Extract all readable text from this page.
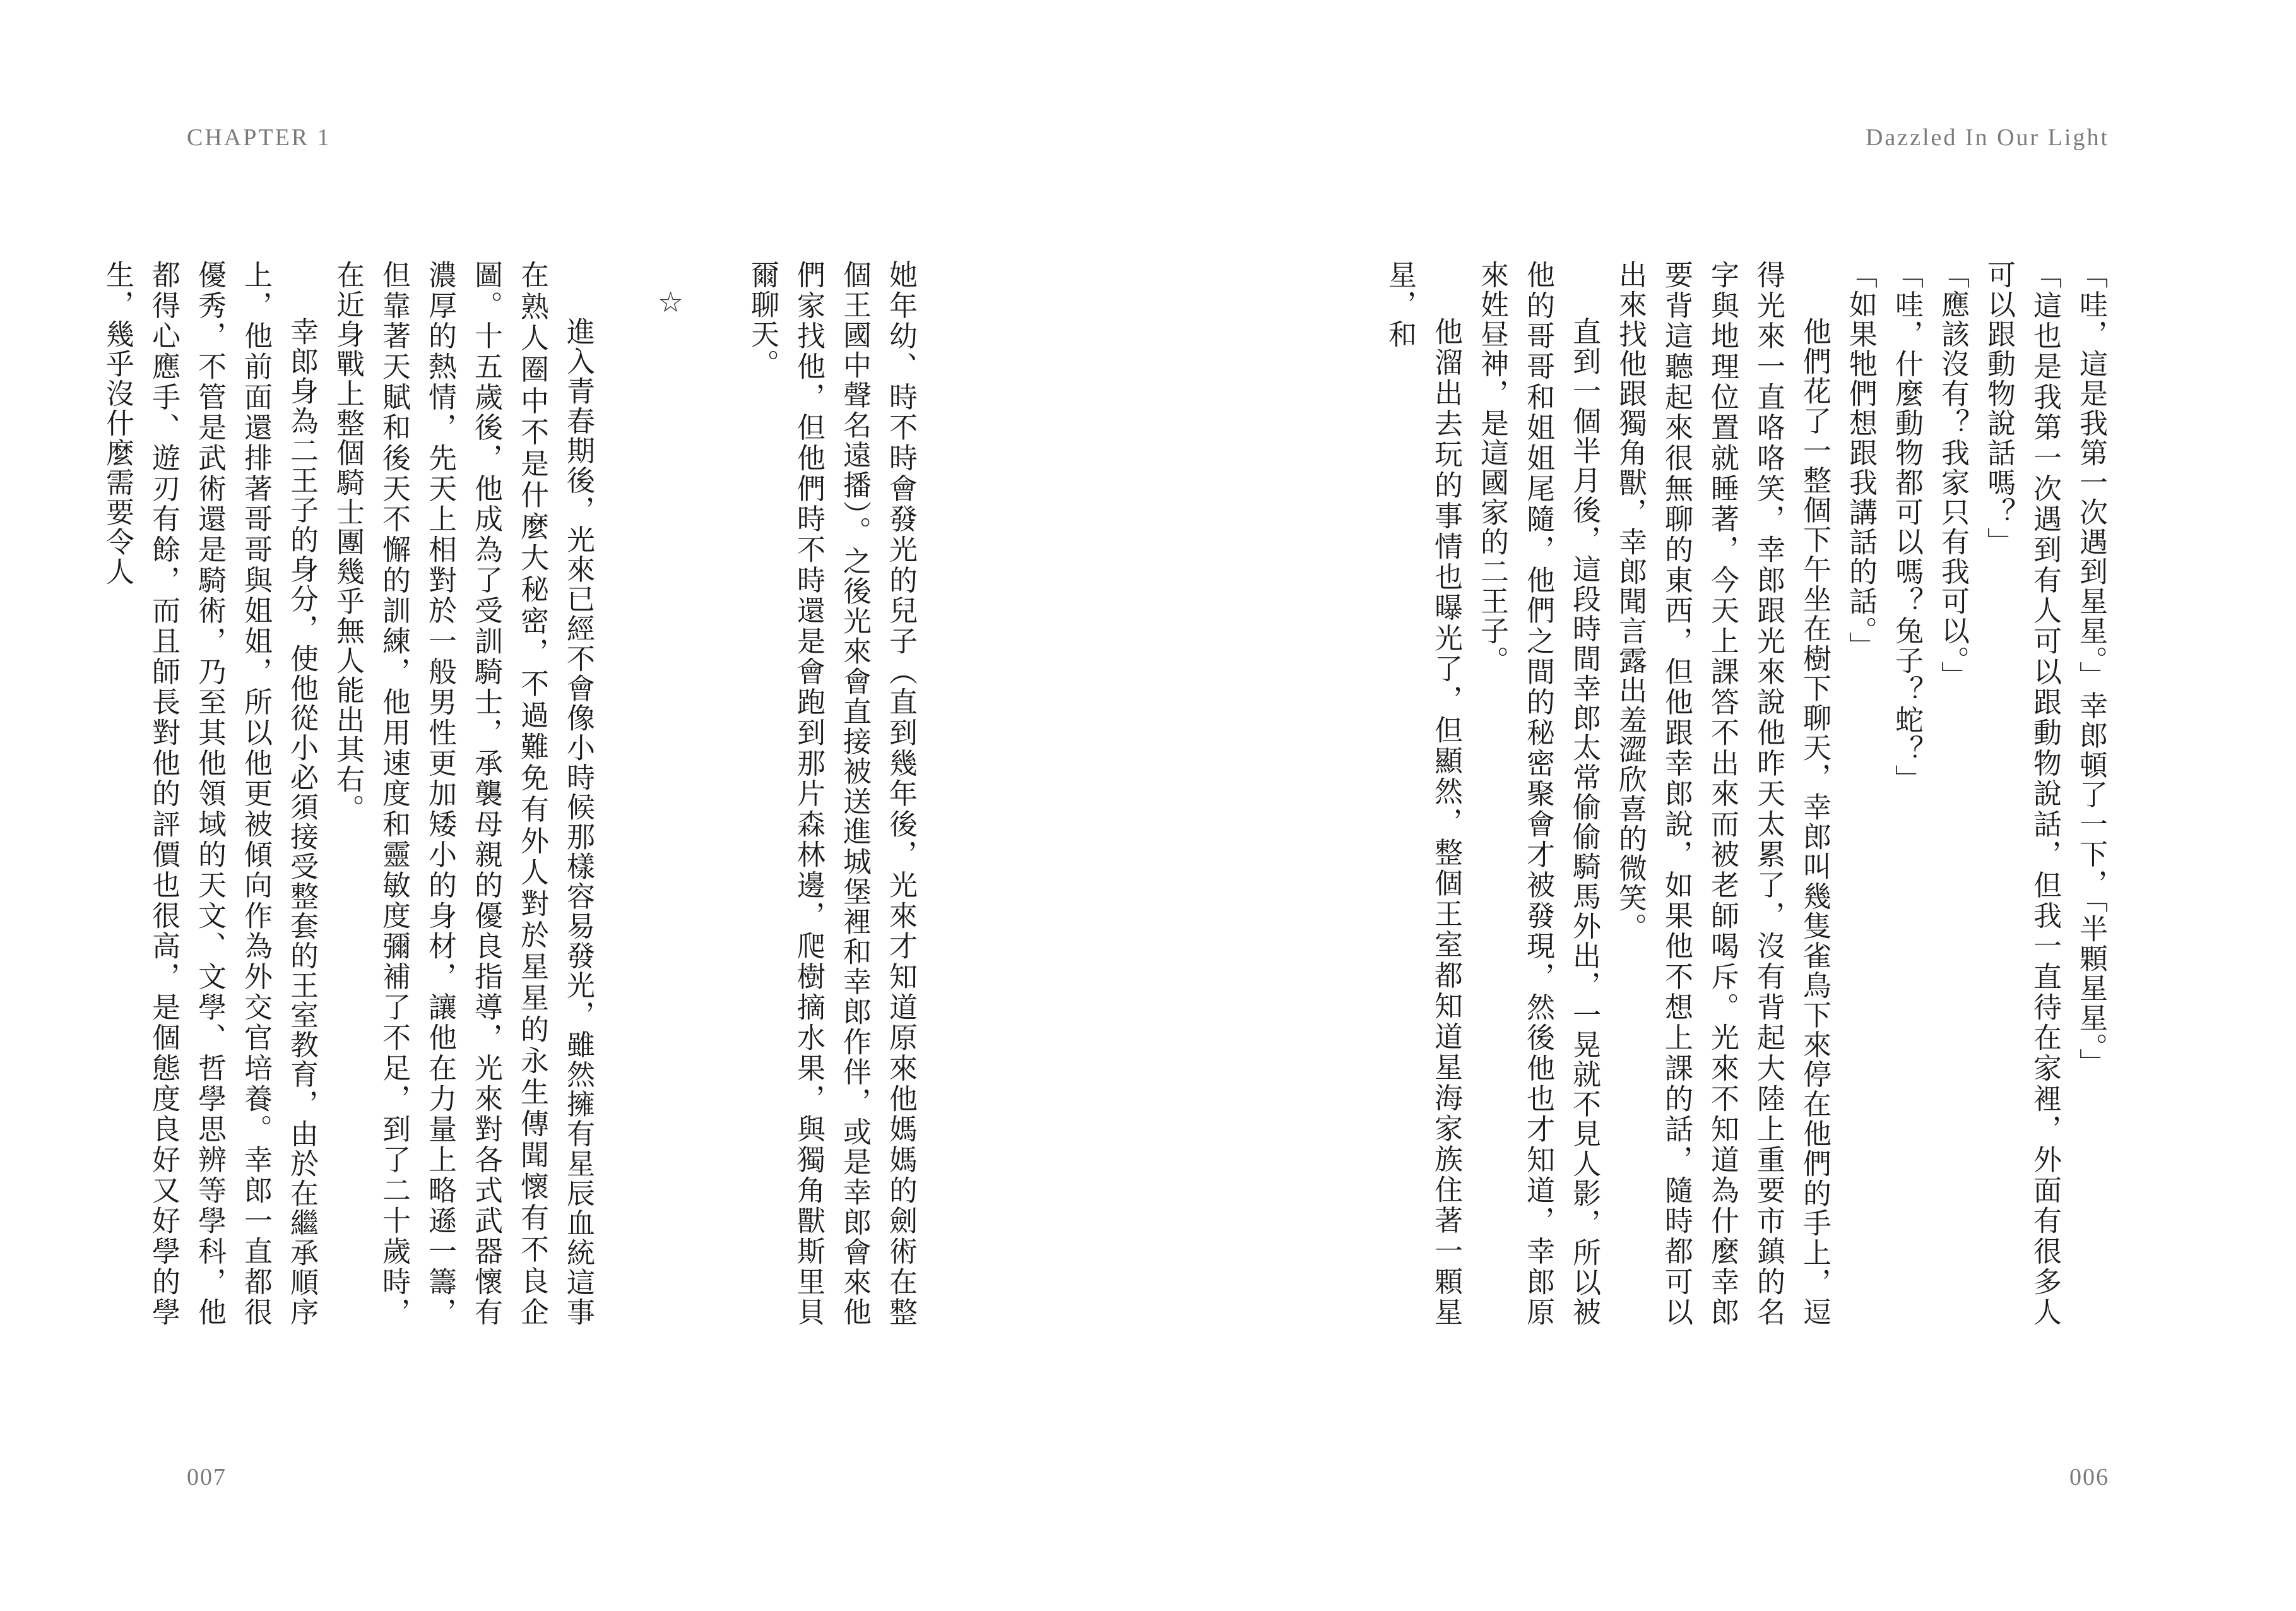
CHAPTER 1

她年幼、時不時會發光的兒子（直到幾年後，光來才知道原來他媽媽的劍術在整個王國中聲名遠播）。之後光來會直接被送進城堡裡和幸郎作伴，或是幸郎會來他們家找他，但他們時不時還是會跑到那片森林邊，爬樹摘水果，與獨角獸斯里貝爾聊天。

☆

進入青春期後，光來已經不會像小時候那樣容易發光，雖然擁有星辰血統這事在熟人圈中不是什麼大秘密，不過難免有外人對於星星的永生傳聞懷有不良企圖。十五歲後，他成為了受訓騎士，承襲母親的優良指導，光來對各式武器懷有濃厚的熱情，先天上相對於一般男性更加矮小的身材，讓他在力量上略遜一籌，但靠著天賦和後天不懈的訓練，他用速度和靈敏度彌補了不足，到了二十歲時，在近身戰上整個騎士團幾乎無人能出其右。

幸郎身為二王子的身分，使他從小必須接受整套的王室教育，由於在繼承順序上，他前面還排著哥哥與姐姐，所以他更被傾向作為外交官培養。幸郎一直都很優秀，不管是武術還是騎術，乃至其他領域的天文、文學、哲學思辨等學科，他都得心應手、遊刃有餘，而且師長對他的評價也很高，是個態度良好又好學的學生，幾乎沒什麼需要令人

007
Dazzled In Our Light

「哇，這是我第一次遇到星星。」幸郎頓了一下，「半顆星星。」

「這也是我第一次遇到有人可以跟動物說話，但我一直待在家裡，外面有很多人可以跟動物說話嗎？」

「應該沒有？我家只有我可以。」

「哇，什麼動物都可以嗎？兔子？蛇？」

「如果牠們想跟我講話的話。」

他們花了一整個下午坐在樹下聊天，幸郎叫幾隻雀鳥下來停在他們的手上，逗得光來一直咯咯笑，幸郎跟光來說他昨天太累了，沒有背起大陸上重要市鎮的名字與地理位置就睡著，今天上課答不出來而被老師喝斥。光來不知道為什麼幸郎要背這聽起來很無聊的東西，但他跟幸郎說，如果他不想上課的話，隨時都可以出來找他跟獨角獸，幸郎聞言露出羞澀欣喜的微笑。

直到一個半月後，這段時間幸郎太常偷偷騎馬外出，一晃就不見人影，所以被他的哥哥和姐姐尾隨，他們之間的秘密聚會才被發現，然後他也才知道，幸郎原來姓昼神，是這國家的二王子。

他溜出去玩的事情也曝光了，但顯然，整個王室都知道星海家族住著一顆星星，和

006
